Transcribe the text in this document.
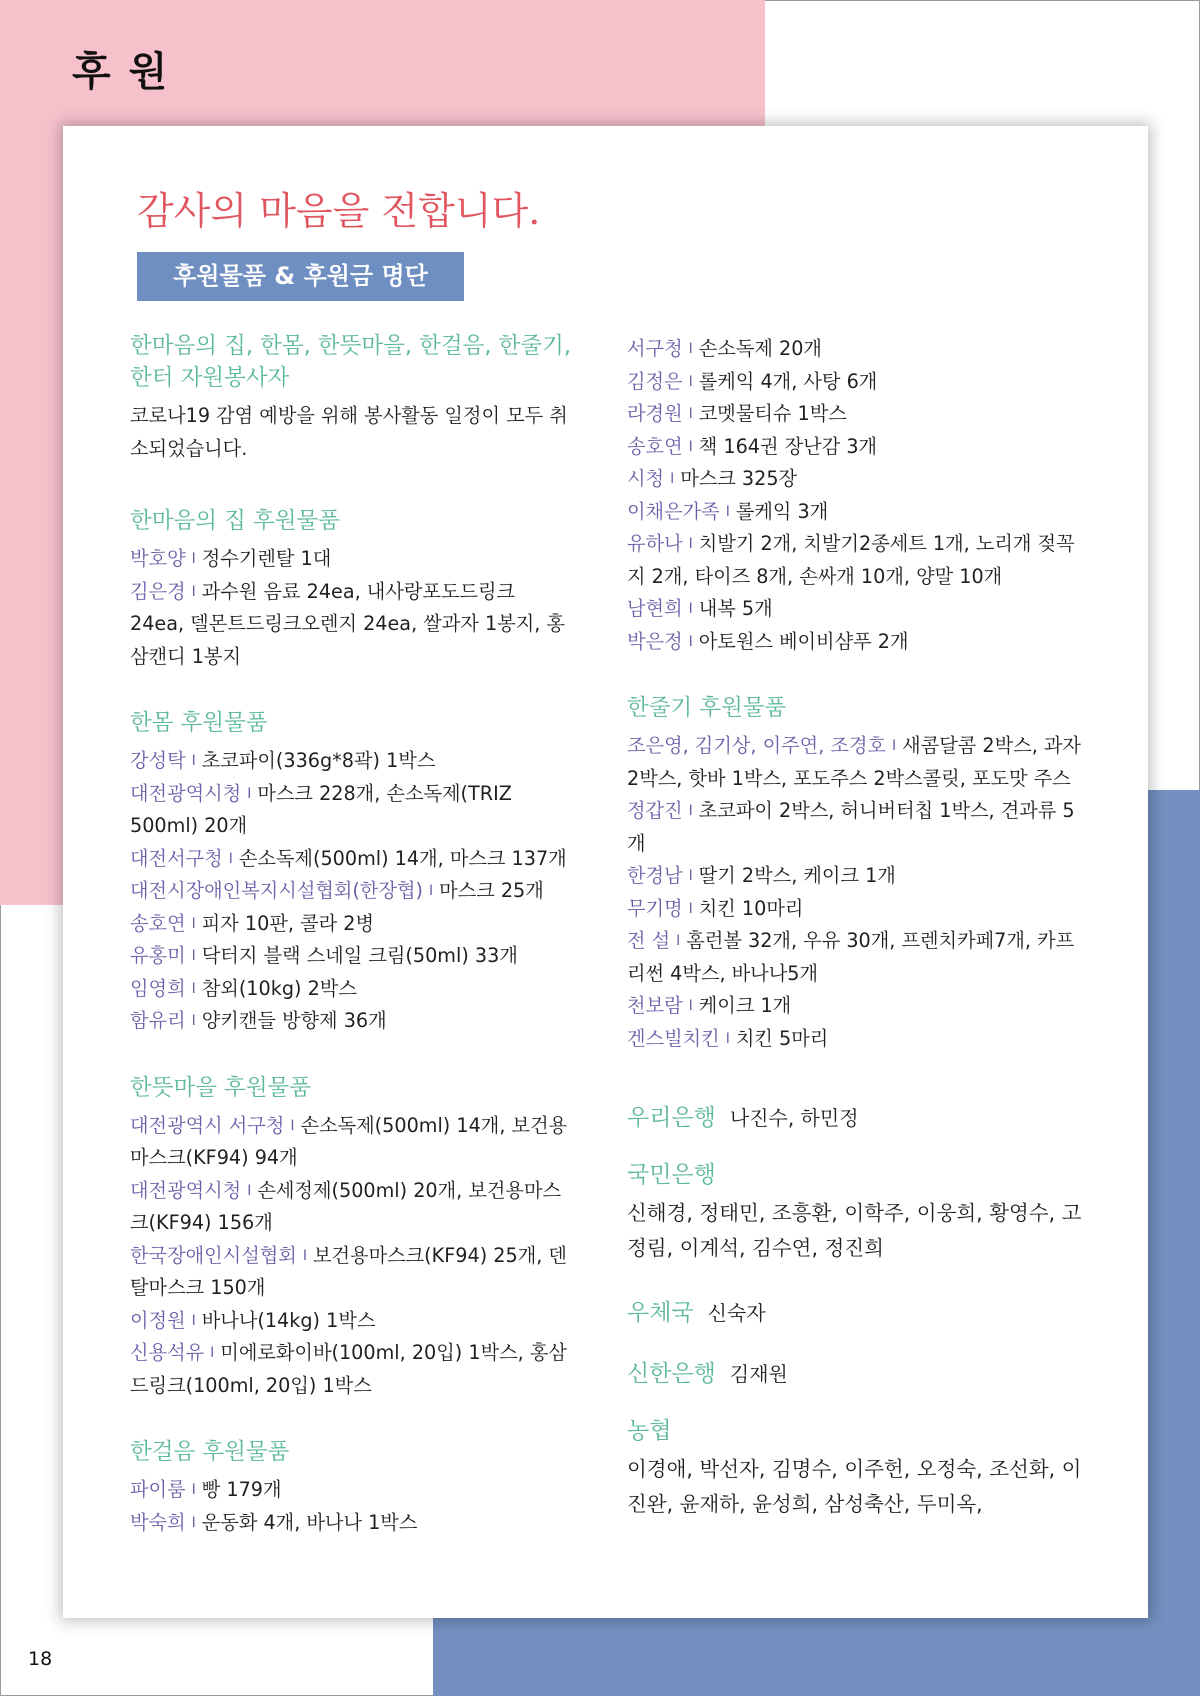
후 원
감사의 마음을 전합니다.
후원물품 & 후원금 명단
한마음의 집, 한몸, 한뜻마을, 한걸음, 한줄기, 한터 자원봉사자

코로나19 감염 예방을 위해 봉사활동 일정이 모두 취소되었습니다.

한마음의 집 후원물품

박호양 I 정수기렌탈 1대

김은경 I 과수원 음료 24ea, 내사랑포도드링크 24ea, 델몬트드링크오렌지 24ea, 쌀과자 1봉지, 홍삼캔디 1봉지

한몸 후원물품

강성탁 I 초코파이(336g*8곽) 1박스

대전광역시청 I 마스크 228개, 손소독제(TRIZ 500ml) 20개

대전서구청 I 손소독제(500ml) 14개, 마스크 137개

대전시장애인복지시설협회(한장협) I 마스크 25개

송호연 I 피자 10판, 콜라 2병

유홍미 I 닥터지 블랙 스네일 크림(50ml) 33개

임영희 I 참외(10kg) 2박스

함유리 I 양키캔들 방향제 36개

한뜻마을 후원물품

대전광역시 서구청 I 손소독제(500ml) 14개, 보건용마스크(KF94) 94개

대전광역시청 I 손세정제(500ml) 20개, 보건용마스크(KF94) 156개

한국장애인시설협회 I 보건용마스크(KF94) 25개, 덴탈마스크 150개

이정원 I 바나나(14kg) 1박스

신용석유 I 미에로화이바(100ml, 20입) 1박스, 홍삼드링크(100ml, 20입) 1박스

한걸음 후원물품

파이룸 I 빵 179개

박숙희 I 운동화 4개, 바나나 1박스

서구청 I 손소독제 20개

김정은 I 롤케익 4개, 사탕 6개

라경원 I 코멧물티슈 1박스

송호연 I 책 164권 장난감 3개

시청 I 마스크 325장

이채은가족 I 롤케익 3개

유하나 I 치발기 2개, 치발기2종세트 1개, 노리개 젖꼭지 2개, 타이즈 8개, 손싸개 10개, 양말 10개

남현희 I 내복 5개

박은정 I 아토원스 베이비샴푸 2개

한줄기 후원물품

조은영, 김기상, 이주연, 조경호 I 새콤달콤 2박스, 과자 2박스, 핫바 1박스, 포도주스 2박스콜릿, 포도맛 주스

정갑진 I 초코파이 2박스, 허니버터칩 1박스, 견과류 5개

한경남 I 딸기 2박스, 케이크 1개

무기명 I 치킨 10마리

전 설 I 홈런볼 32개, 우유 30개, 프렌치카페7개, 카프리썬 4박스, 바나나5개

천보람 I 케이크 1개

겐스빌치킨 I 치킨 5마리

우리은행 나진수, 하민정
국민은행
신해경, 정태민, 조흥환, 이학주, 이웅희, 황영수, 고정림, 이계석, 김수연, 정진희
우체국 신숙자
신한은행 김재원
농협
이경애, 박선자, 김명수, 이주헌, 오정숙, 조선화, 이진완, 윤재하, 윤성희, 삼성축산, 두미옥,
18
